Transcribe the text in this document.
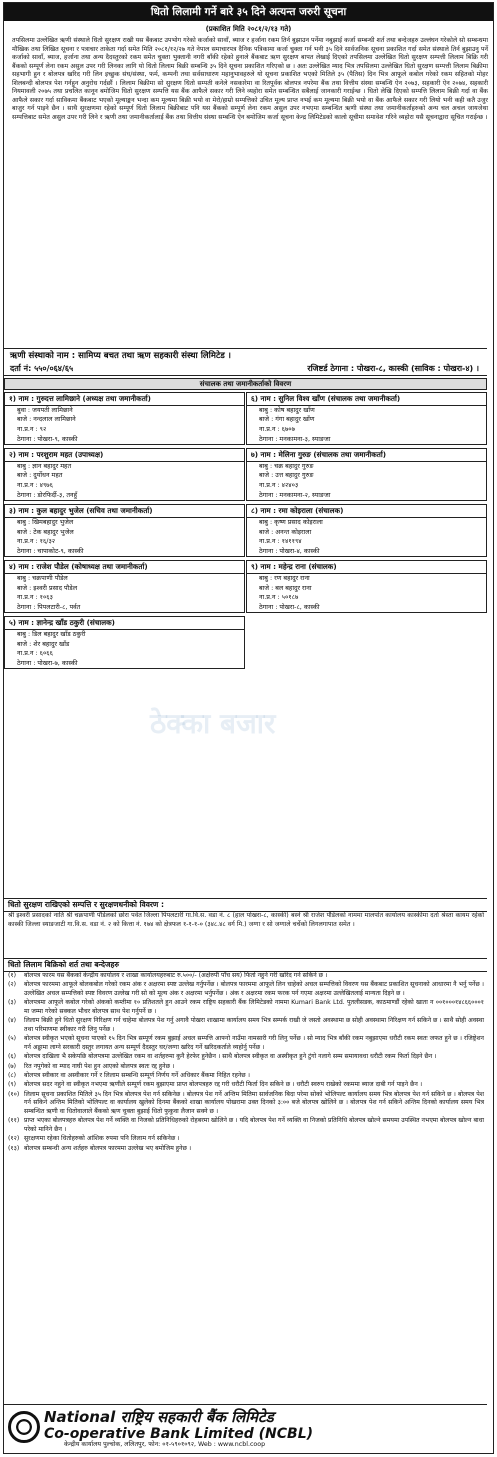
धितो लिलामी गर्ने बारे ३५ दिने अत्यन्त जरुरी सूचना
(प्रकाशित मिति २०८१/२/१३ गते)
तपसिलमा उल्लेखित ऋणी संस्थाले धितो सुरक्षण राखी यस बैंकबाट उपभोग गरेको कर्जाको सावाँ, ब्याज र हर्जाना रकम तिर्न बुझाउन पर्नेमा नबुझाई कर्जा सम्बन्धी शर्त तथा बन्देजहरु उल्लंघन गरेकोले सो सम्बन्धमा मौखिक तथा लिखित सूचना र पत्राचार ताकेता गर्दा समेत मिति २०८१/१२/२७ गते नेपाल समाचारपत्र दैनिक पत्रिकामा कर्जा चुक्ता गर्न भनी ३५ दिने सार्वजनिक सूचना प्रकाशित गर्दा समेत संस्थाले तिर्न बुझाउनु पर्ने कर्जाको सावाँ, ब्याज, हर्जाना तथा अन्य दैदस्तुरको रकम समेत चुक्ता भुक्तानी नगरी बाँकी रहेको हुनाले बैंकबाट ऋण सुरक्षण बापत लेखाई दिएको तपसिलमा उल्लेखित धितो सुरक्षण सम्पत्ती लिलाम बिक्रि गरी बैंकको सम्पूर्ण लेना रकम असुल उपर गरी लिनका लागि यो धितो लिलाम बिक्री सम्बन्धि ३५ दिने सूचना प्रकाशित गरिएको छ । अतः उल्लेखित म्याद भित्र तपसिलमा उल्लेखित धितो सुरक्षण सम्पत्ती लिलाम बिक्रीमा सहभागी हुन र बोलपत्र खरिद गरी लिन इच्छुक संघ/संस्था, फर्म, कम्पनी तथा सर्वसाधारण महानुभावहरुले यो सूचना प्रकाशित भएको मितिले ३५ (पैतिस) दिन भित्र आफूले कबोल गरेको रकम सहितको मोहर शिलबन्दी बोलपत्र पेश गर्नहुन अनुरोध गर्दछौं । लिलाम बिक्रीमा सो सुरक्षण धितो सम्पती कनेले नसकारेमा वा रितपूर्वक बोलपत्र नपरेमा बैंक तथा वित्तीय संस्था सम्बन्धि ऐन २०७३, सहकारी ऐन २०७४, सहकारी नियमावली २०७५ तथा प्रचलित कानून बमोजिम धितो सुरक्षण सम्पत्ति यस बैंक आफैले सकार गरी लिने व्यहोरा समेत सम्बन्धित सबैलाई जानकारी गराईन्छ । धितो लेखि दिएको सम्पत्ति लिलाम बिक्री गर्दा वा बैंक आफैले सकार गर्दा साविकमा बैंकबाट भएको मूल्याङ्कन भन्दा कम मूल्यमा बिक्री भयो वा मेरो/हाम्रो सम्पत्तिको उचित मूल्य प्राप्त नभई कम मूल्यमा बिक्री भयो वा बैंक आफैले सकार गरी लियो भनी कही कतै उजुर बाजुर गर्न पाइने छैन । साथै सुरक्षणमा रहेको सम्पूर्ण धितो लिलाम बिक्रीबाट पनि यस बैंकको सम्पूर्ण लेना रकम असुल उपर नभएमा सम्बन्धित ऋणी संस्था तथा जमानीकर्ताहरुको अन्य चल अचल जायजेथा सम्पत्तिबाट समेत असुल उपर गरी लिने र ऋणी तथा जमानीकर्तालाई बैंक तथा वित्तीय संस्था सम्बन्धि ऐन बमोजिम कर्जा सूचना केन्द्र लिमिटेडको कालो सूचीमा समावेश गरिने व्यहोरा यसै सूचनाद्वारा सूचित गराईन्छ ।
ऋणी संस्थाको नाम : सामिप्य बचत तथा ऋण सहकारी संस्था लिमिटेड ।
दर्ता नं: ५५०/०६४/६५	रजिष्टर्ड ठेगाना : पोखरा-८, कास्की (साविक : पोखरा-४) ।
संचालक तथा जमानीकर्ताको विवरण
१) नाम : गुरुदत्त लामिछाने (अध्यक्ष तथा जमानीकर्ता)
बुवा : जयपती लामिछाने
बाजे : नन्दलाल लामिछाने
ना.प्र.न : ९२
ठेगाना : पोखरा-९, कास्की
२) नाम : परशुराम महत (उपाध्यक्ष)
बाबु : ज्ञान बहादुर महत
बाजे : दुर्योधन महत
ना.प्र.न : ४९७६
ठेगाना : डोरफिर्दी-३, तनहुँ
३) नाम : कुल बहादुर भुजेल (सचिव तथा जमानीकर्ता)
बाबु : खिमबहादुर भुजेल
बाजे : टेक बहादुर भुजेल
ना.प्र.न : १६/३२
ठेगाना : चापाकोट-९, कास्की
४) नाम : राजेश पौडेल (कोषाध्यक्ष तथा जमानीकर्ता)
बाबु : चक्रपाणी पौडेल
बाजे : इश्वरी प्रसाद पौडेल
ना.प्र.न : १०६३
ठेगाना : पिपलटारी-८, पर्वत
५) नाम : ज्ञानेन्द्र खाँड ठकुरी (संचालक)
बाबु : डिल बहादुर खाँड ठकुरी
बाजे : शेर बहादुर खाँड
ना.प्र.न : ६०६६
ठेगाना : पोखरा-७, कास्की
६) नाम : सुनिल विश्व खाँण (संचालक तथा जमानीकर्ता)
बाबु : कोष बहादुर खाँण
बाजे : गंगा बहादुर खाँण
ना.प्र.न : ६७०७
ठेगाना : मनकामना-३, स्याङजा
७) नाम : मेलिना गुरुङ (संचालक तथा जमानीकर्ता)
बाबु : चक्र बहादुर गुरुङ
बाजे : उत्त बहादुर गुरुङ
ना.प्र.न : ४२४०३
ठेगाना : मनकामना-२, स्याङजा
८) नाम : रमा कोइराला (संचालक)
बाबु : कृष्ण प्रसाद कोइराला
बाजे : अनन्त कोइराला
ना.प्र.न : १४११९४
ठेगाना : पोखरा-४, कास्की
९) नाम : महेन्द्र राना (संचालक)
बाबु : रण बहादुर राना
बाजे : बल बहादुर राना
ना.प्र.न : ५०१८७
ठेगाना : पोखरा-८, कास्की
ठेक्का बजार
धितो सुरक्षण राखिएको सम्पत्ति र सुरक्षणधनीको विवरण :
श्री इश्वरी प्रसादको नाति श्री चक्रपाणी पौडेलको छोरा पर्वत जिल्ला पिपलटारी गा.वि.स. वडा नं. ८ (हाल पोखरा-८, कास्की) बस्ने श्री राजेश पौडेलको नाममा मालपोत कार्यालय कास्कीमा दर्ता श्रेस्ता कायम रहेको कास्की जिल्ला स्याङजाटी गा.वि.स. वडा नं. २ को कित्ता नं. १७४ को क्षेत्रफल १-१-१-० (३४८.४८ वर्ग मि.) जग्गा र सो जग्गाले चर्चेको लिगलगापात समेत ।
धितो लिलाम बिक्रिको शर्त तथा बन्देजहरु
(१)	बोलपत्र फारम यस बैंकको केन्द्रीय कार्यालय र शाखा कार्यालयहरुबाट रु.५००/- (अक्षेरुपी पाँच सय) फिर्ता नहुने गरी खरिद गर्न सकिने छ ।
(२)	बोलपत्र फारममा आफूले बोलकबोल गरेको रकम अंक र अक्षरमा स्पष्ट उल्लेख गर्नुपर्नेछ । बोलपत्र फारममा आफूले लिन चाहेको अचल सम्पत्तिको विवरण यस बैंकबाट प्रकाशित सूचनाको आधारमा नै भर्नु पर्नेछ । उल्लेखित अचल सम्पत्तिको स्पष्ट विवरण उल्लेख गरी सो को मूल्य अंक र अक्षरमा भर्नुपर्नेछ । अंक र अक्षरमा रकम फरक पर्न गएमा अक्षरमा उल्लेखितलाई मान्यता दिइने छ ।
(३)	बोलपत्रमा आफूले कबोल गरेको अंकको कम्तीमा १० प्रतिशतले हुन आउने रकम राष्ट्रिय सहकारी बैंक लिमिटेडको नाममा Kumari Bank Ltd. पुतलीसडक, काठमाण्डौं रहेको खाता न ००१०००१४८६६०००१ मा जम्मा गरेको सक्कल भौचर बोलपत्र साथ पेश गर्नुपर्ने छ ।
(४)	लिलाम बिक्री हुने धितो सुरक्षण निरिक्षण गर्न चाहेमा बोलपत्र पेश गर्नु अगावै पोखरा शाखामा कार्यालय समय भित्र सम्पर्क राखी जे जस्तो अवस्थामा छ सोही अवस्थामा निरिक्षण गर्न सकिने छ । साथै सोही अवस्था तथा परिमाणमा स्वीकार गरी लिनु पर्नेछ ।
(५)	बोलपत्र स्वीकृत भएको सूचना पाएको १५ दिन भित्र सम्पूर्ण रकम बुझाई अचल सम्पत्ति आफ्नो नाउँमा नामसारी गरी लिनु पर्नेछ । सो म्याद भित्र बाँकी रकम नबुझाएमा धरौटी रकम स्वतः जफत हुने छ । रजिष्ट्रेशन गर्न अड्डामा लाग्ने सरकारी दस्तुर लगायत अन्य सम्पूर्ण दैदस्तुर घर/जग्गा खरिद गर्ने खरिदकर्ताले व्यहोर्नु पर्नेछ ।
(६)	बोलपत्र दाखिला भै सकेपछि बोलपत्रमा उल्लेखित रकम वा शर्तहरुमा कुनै हेरफेर हुनेछैन । साथै बोलपत्र स्वीकृत वा अस्वीकृत हुने टुंगो नलागे सम्म समायावधा धरौटी रकम फिर्ता दिइने छैन ।
(७)	रित नपुगेको वा म्याद नाघी पेश हुन आएको बोलपत्र स्वतः रद्द हुनेछ ।
(८)	बोलपत्र स्वीकार वा अस्वीकार गर्ने र लिलाम सम्बन्धि सम्पूर्ण निर्णय गर्ने अधिकार बैंकमा निहित रहनेछ ।
(९)	बोलपत्र सदर नहुने वा स्वीकृत नभएमा ऋणीले सम्पूर्ण रकम बुझाएमा प्राप्त बोलपत्रहरु रद्द गरी धरौटी फिर्ता दिन सकिने छ । धरौटी स्वरुप राखेको रकममा ब्याज दाबी गर्न पाइने छैन ।
(१०) लिलाम सूचना प्रकाशित मितिले ३५ दिन भित्र बोलपत्र पेश गर्न सकिनेछ । बोलपत्र पेश गर्ने अन्तिम मितिमा सार्वजनिक बिदा परेमा सोको भोलिपल्ट कार्यालय समय भित्र बोलपत्र पेश गर्न सकिने छ । बोलपत्र पेश गर्न सकिने अन्तिम मितिको भोलिपल्ट वा कार्यालय खुलेको दिनमा बैंकको शाखा कार्यालय पोखरामा उक्त दिनको ३:०० बजे बोलपत्र खोलिने छ । बोलपत्र पेश गर्न सकिने अन्तिम दिनको कार्यालय समय भित्र सम्बन्धित ऋणी वा धितोवालाले बैंकको ऋण चुक्ता बुझाई धितो फुकुवा लैजान सक्ने छ ।
(११) प्राप्त भएका बोलपत्रहरु बोलपत्र पेश गर्ने व्यक्ति वा निजको प्रतिनिधिहरुको रोहबरमा खोलिने छ । यदि बोलपत्र पेश गर्ने व्यक्ति वा निजको प्रतिनिधि बोलपत्र खोल्ने समयमा उपस्थित नभएमा बोलपत्र खोल्न बाधा परेको मानिने छैन ।
(१२) सुरक्षणमा रहेका धितोहरुको आंशिक रुपमा पनि लिलाम गर्न सकिनेछ ।
(१३) बोलपत्र सम्बन्धी अन्य शर्तहरु बोलपत्र फारममा उल्लेख भए बमोजिम हुनेछ ।
National राष्ट्रिय सहकारी बैंक लिमिटेड
Co-operative Bank Limited (NCBL)
केन्द्रीय कार्यालय पुल्चोक, ललितपुर, फोन: ०१-५९०१०९२, Web : www.ncbl.coop
